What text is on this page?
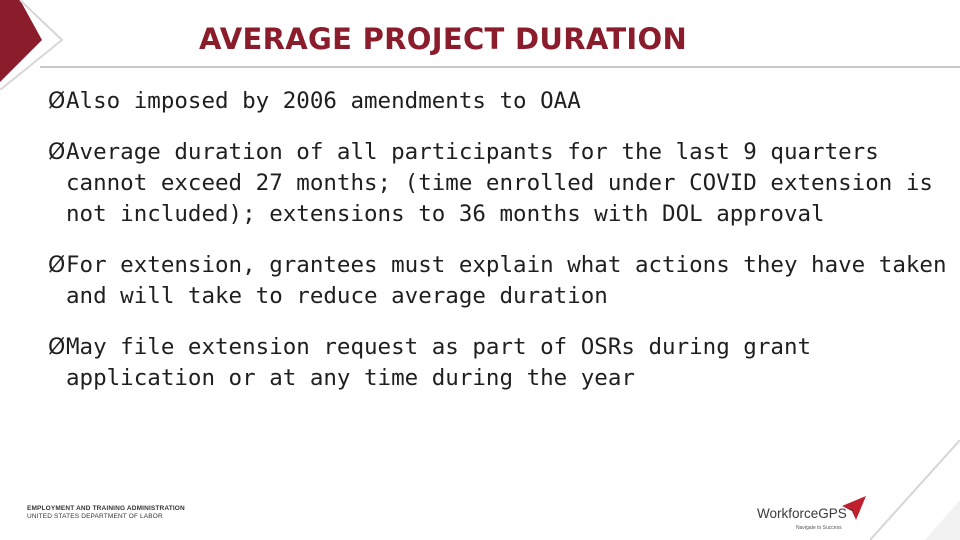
AVERAGE PROJECT DURATION
Ø Also imposed by 2006 amendments to OAA
Ø Average duration of all participants for the last 9 quarters cannot exceed 27 months; (time enrolled under COVID extension is not included); extensions to 36 months with DOL approval
Ø For extension, grantees must explain what actions they have taken and will take to reduce average duration
Ø May file extension request as part of OSRs during grant application or at any time during the year
EMPLOYMENT AND TRAINING ADMINISTRATION
UNITED STATES DEPARTMENT OF LABOR	WorkforceGPS
Navigate to Success
